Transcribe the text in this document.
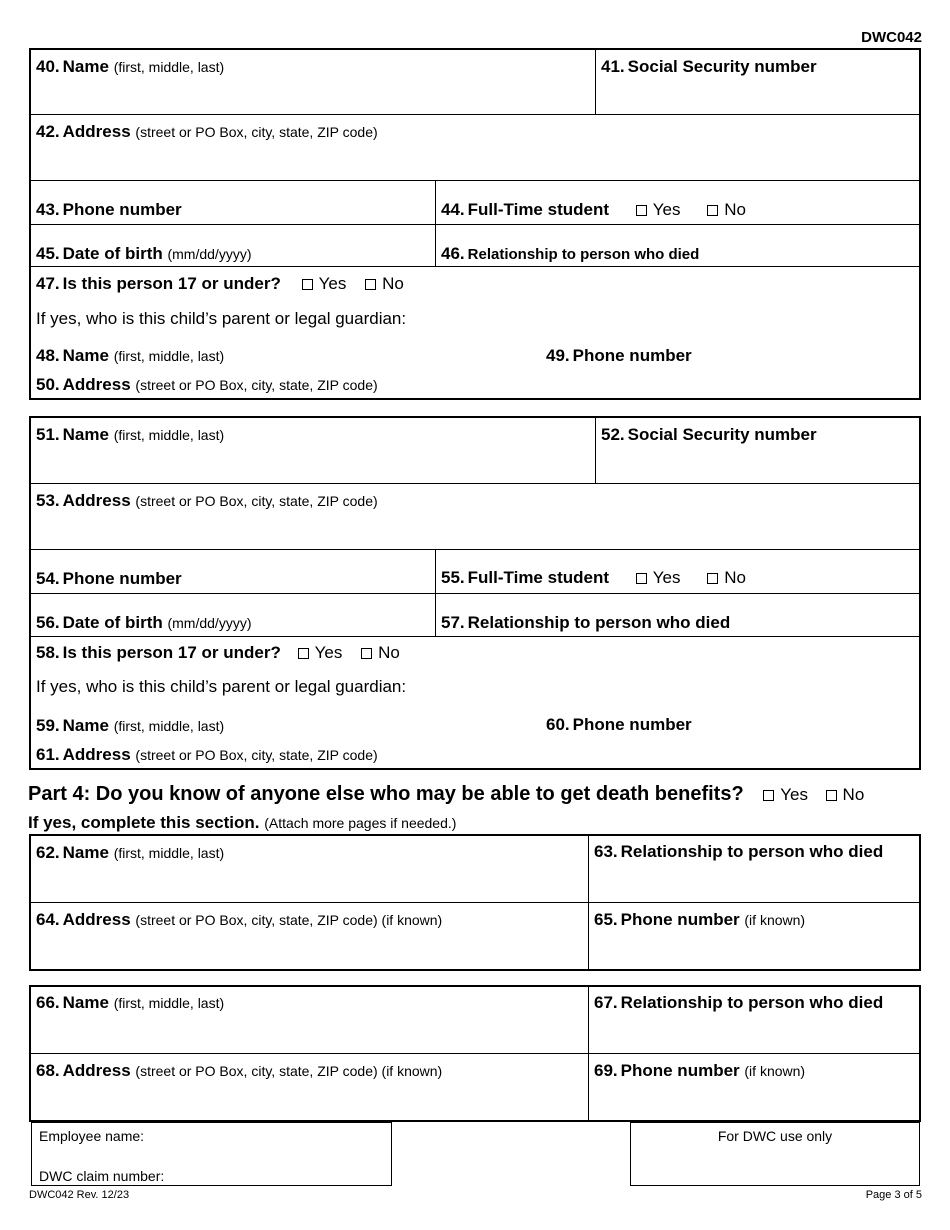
DWC042
40. Name (first, middle, last)	41. Social Security number
42. Address (street or PO Box, city, state, ZIP code)
43. Phone number	44. Full-Time student	Yes	No
45. Date of birth (mm/dd/yyyy)	46. Relationship to person who died
47. Is this person 17 or under? Yes No
If yes, who is this child’s parent or legal guardian:
48. Name (first, middle, last)	49. Phone number
50. Address (street or PO Box, city, state, ZIP code)
51. Name (first, middle, last)	52. Social Security number
53. Address (street or PO Box, city, state, ZIP code)
54. Phone number	55. Full-Time student	Yes	No
56. Date of birth (mm/dd/yyyy)	57. Relationship to person who died
58. Is this person 17 or under? Yes No
If yes, who is this child’s parent or legal guardian:
59. Name (first, middle, last)	60. Phone number
61. Address (street or PO Box, city, state, ZIP code)
Part 4: Do you know of anyone else who may be able to get death benefits? Yes No
If yes, complete this section. (Attach more pages if needed.)
62. Name (first, middle, last)	63. Relationship to person who died
64. Address (street or PO Box, city, state, ZIP code) (if known)	65. Phone number (if known)
66. Name (first, middle, last)	67. Relationship to person who died
68. Address (street or PO Box, city, state, ZIP code) (if known)	69. Phone number (if known)
Employee name:
DWC claim number:
For DWC use only
DWC042 Rev. 12/23	Page 3 of 5
